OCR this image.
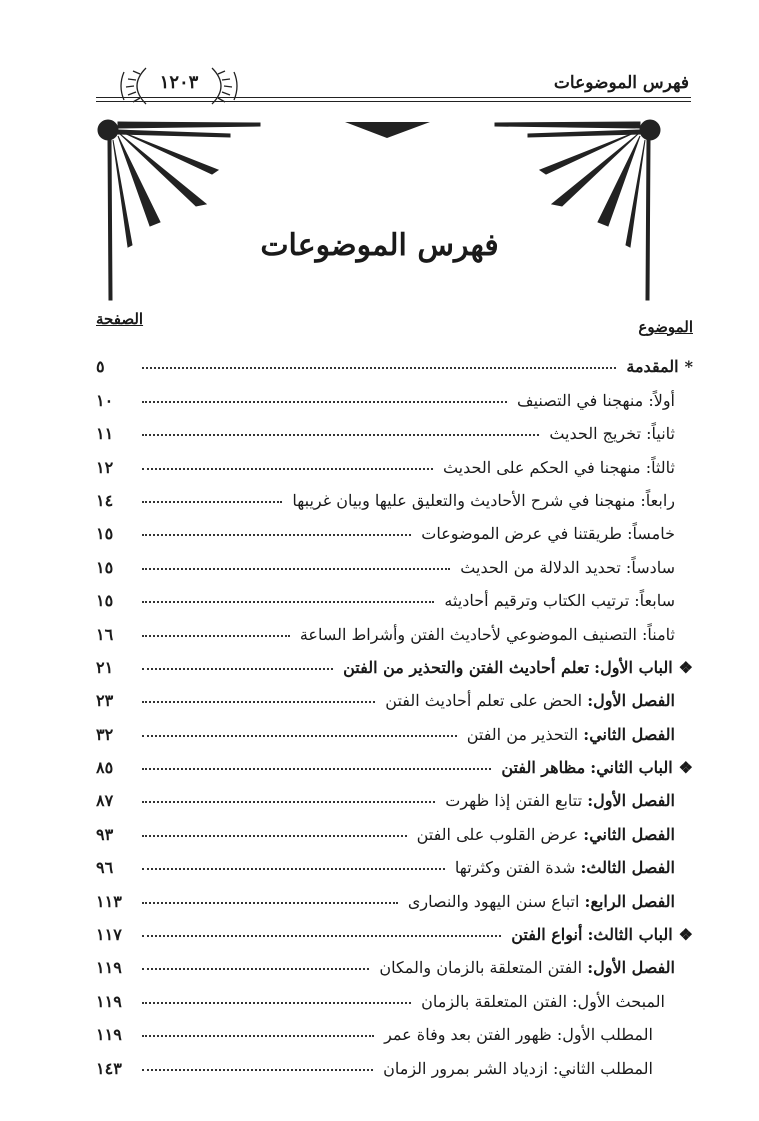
فهرس الموضوعات
١٢٠٣
فهرس الموضوعات
الموضوع
الصفحة
*المقدمة
٥
أولاً: منهجنا في التصنيف
١٠
ثانياً: تخريج الحديث
١١
ثالثاً: منهجنا في الحكم على الحديث
١٢
رابعاً: منهجنا في شرح الأحاديث والتعليق عليها وبيان غريبها
١٤
خامساً: طريقتنا في عرض الموضوعات
١٥
سادساً: تحديد الدلالة من الحديث
١٥
سابعاً: ترتيب الكتاب وترقيم أحاديثه
١٥
ثامناً: التصنيف الموضوعي لأحاديث الفتن وأشراط الساعة
١٦
❖الباب الأول: تعلم أحاديث الفتن والتحذير من الفتن
٢١
الفصل الأول: الحض على تعلم أحاديث الفتن
٢٣
الفصل الثاني: التحذير من الفتن
٣٢
❖الباب الثاني: مظاهر الفتن
٨٥
الفصل الأول: تتابع الفتن إذا ظهرت
٨٧
الفصل الثاني: عرض القلوب على الفتن
٩٣
الفصل الثالث: شدة الفتن وكثرتها
٩٦
الفصل الرابع: اتباع سنن اليهود والنصارى
١١٣
❖الباب الثالث: أنواع الفتن
١١٧
الفصل الأول: الفتن المتعلقة بالزمان والمكان
١١٩
المبحث الأول: الفتن المتعلقة بالزمان
١١٩
المطلب الأول: ظهور الفتن بعد وفاة عمر
١١٩
المطلب الثاني: ازدياد الشر بمرور الزمان
١٤٣
